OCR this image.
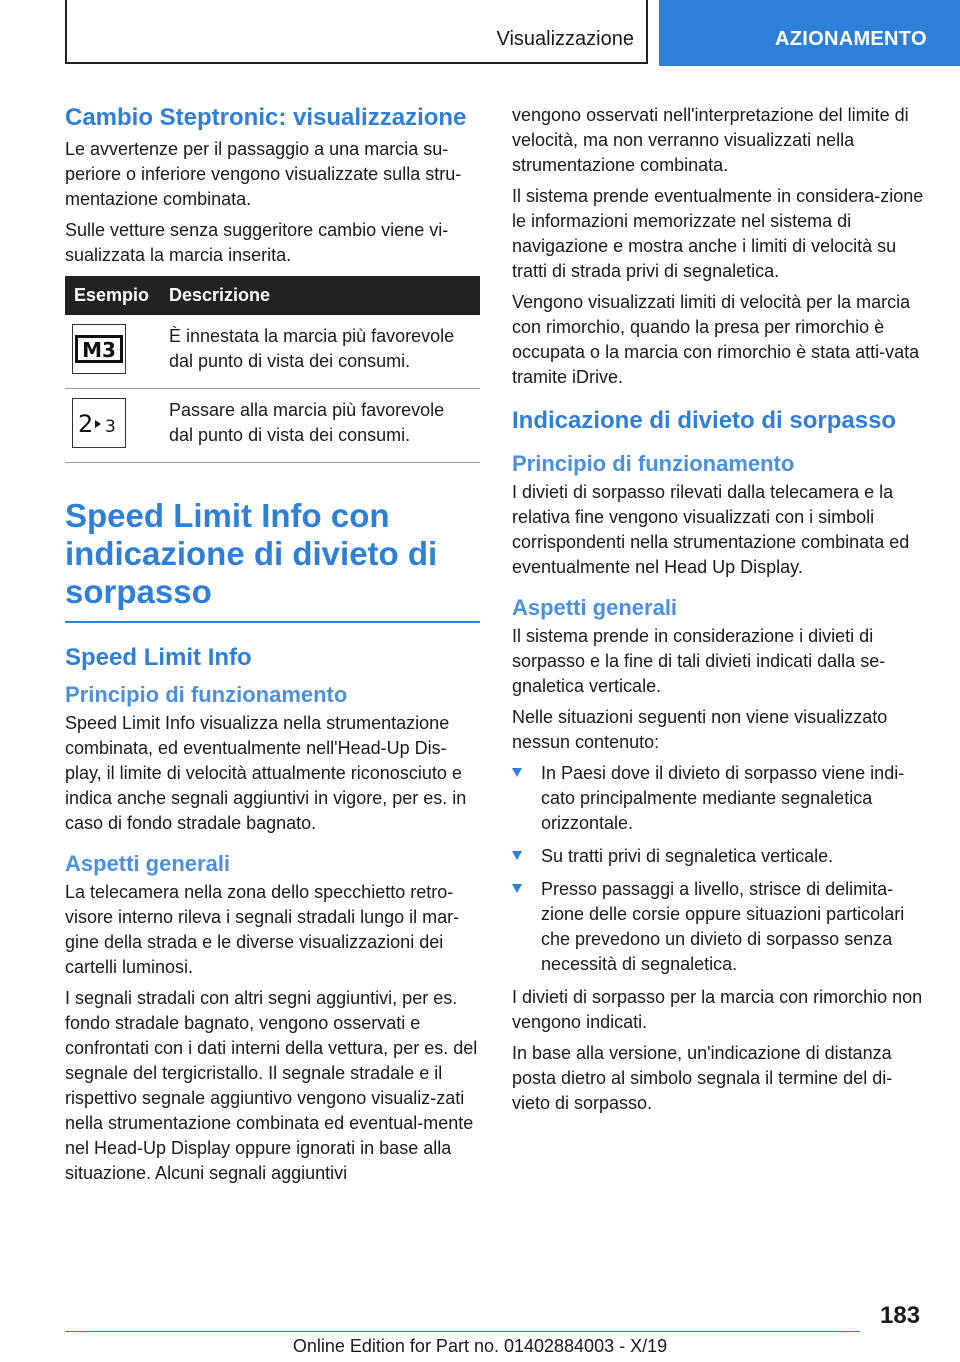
Visualizzazione	AZIONAMENTO
Cambio Steptronic: visualizzazione

Le avvertenze per il passaggio a una marcia su-periore o inferiore vengono visualizzate sulla stru-mentazione combinata.

Sulle vetture senza suggeritore cambio viene vi-sualizzata la marcia inserita.

Esempio	Descrizione

M3	È innestata la marcia più favorevole dal punto di vista dei consumi.

2 3	Passare alla marcia più favorevole dal punto di vista dei consumi.
Speed Limit Info con indicazione di divieto di sorpasso
Speed Limit Info
Principio di funzionamento

Speed Limit Info visualizza nella strumentazione combinata, ed eventualmente nell'Head-Up Dis-play, il limite di velocità attualmente riconosciuto e indica anche segnali aggiuntivi in vigore, per es. in caso di fondo stradale bagnato.

Aspetti generali

La telecamera nella zona dello specchietto retro-visore interno rileva i segnali stradali lungo il mar-gine della strada e le diverse visualizzazioni dei cartelli luminosi.

I segnali stradali con altri segni aggiuntivi, per es. fondo stradale bagnato, vengono osservati e confrontati con i dati interni della vettura, per es. del segnale del tergicristallo. Il segnale stradale e il rispettivo segnale aggiuntivo vengono visualiz-zati nella strumentazione combinata ed eventual-mente nel Head-Up Display oppure ignorati in base alla situazione. Alcuni segnali aggiuntivi

vengono osservati nell'interpretazione del limite di velocità, ma non verranno visualizzati nella strumentazione combinata.

Il sistema prende eventualmente in considera-zione le informazioni memorizzate nel sistema di navigazione e mostra anche i limiti di velocità su tratti di strada privi di segnaletica.

Vengono visualizzati limiti di velocità per la marcia con rimorchio, quando la presa per rimorchio è occupata o la marcia con rimorchio è stata atti-vata tramite iDrive.

Indicazione di divieto di sorpasso
Principio di funzionamento

I divieti di sorpasso rilevati dalla telecamera e la relativa fine vengono visualizzati con i simboli corrispondenti nella strumentazione combinata ed eventualmente nel Head Up Display.

Aspetti generali

Il sistema prende in considerazione i divieti di sorpasso e la fine di tali divieti indicati dalla se-gnaletica verticale.

Nelle situazioni seguenti non viene visualizzato nessun contenuto:

In Paesi dove il divieto di sorpasso viene indi-cato principalmente mediante segnaletica orizzontale.
Su tratti privi di segnaletica verticale.
Presso passaggi a livello, strisce di delimita-zione delle corsie oppure situazioni particolari che prevedono un divieto di sorpasso senza necessità di segnaletica.

I divieti di sorpasso per la marcia con rimorchio non vengono indicati.

In base alla versione, un'indicazione di distanza posta dietro al simbolo segnala il termine del di-vieto di sorpasso.

183
Online Edition for Part no. 01402884003 - X/19
